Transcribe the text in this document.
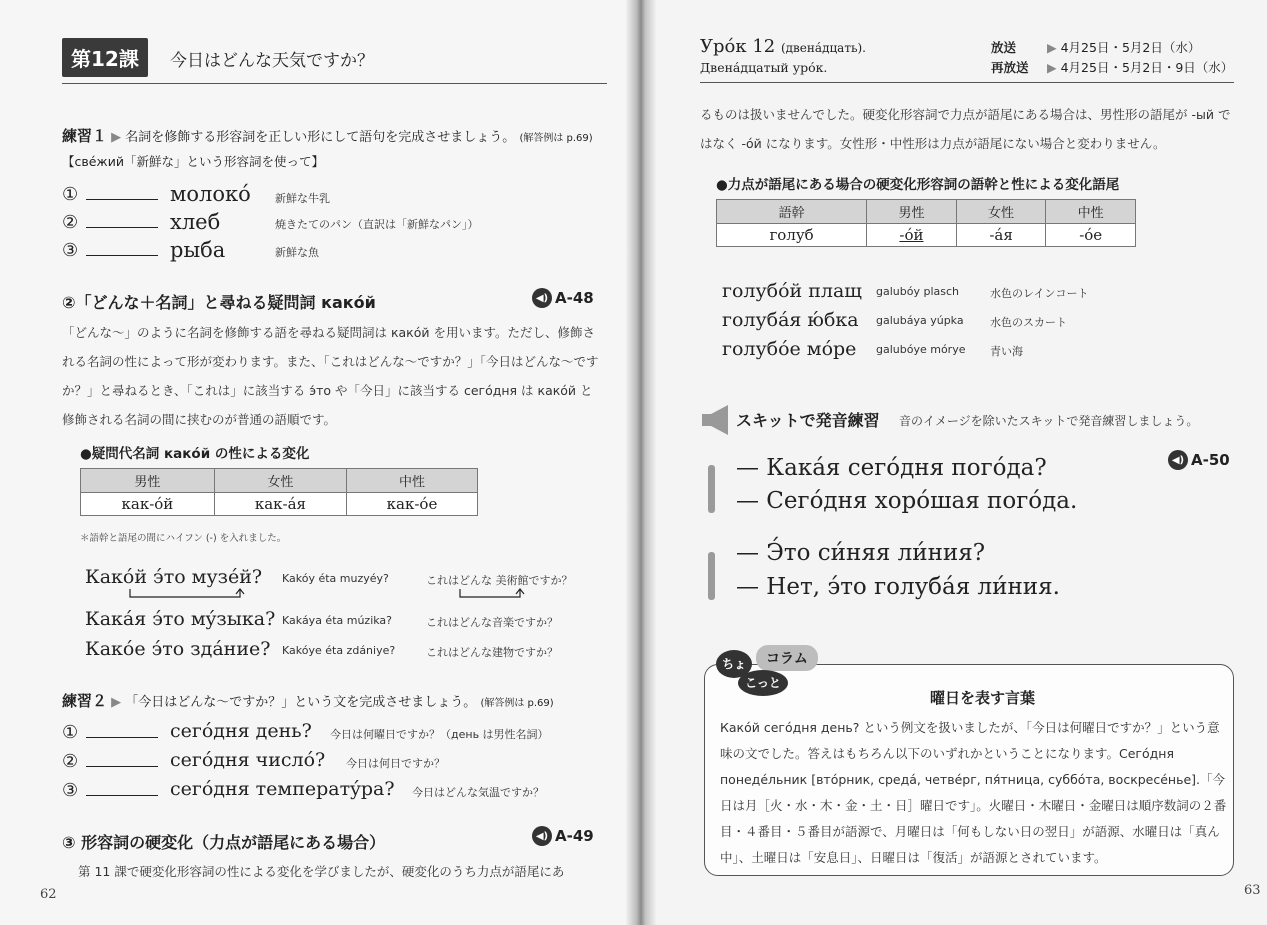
第12課	今日はどんな天気ですか？
練習１ ▶ 名詞を修飾する形容詞を正しい形にして語句を完成させましょう。 (解答例は p.69)
【свéжий「新鮮な」という形容詞を使って】
①	молокó 新鮮な牛乳
②	хлеб	焼きたてのパン（直訳は「新鮮なパン」）
③	рыба	新鮮な魚
②「どんな＋名詞」と尋ねる疑問詞 какóй	◀) A-48
「どんな～」のように名詞を修飾する語を尋ねる疑問詞は какóй を用います。ただし、修飾される名詞の性によって形が変わります。また、「これはどんな～ですか？」「今日はどんな～ですか？」と尋ねるとき、「これは」に該当する э́то や「今日」に該当する сегóдня は какóй と修飾される名詞の間に挟むのが普通の語順です。
●疑問代名詞 какóй の性による変化
男性	女性	中性
как-óй	как-áя	как-óе
＊語幹と語尾の間にハイフン (-) を入れました。
Какóй э́то музéй? Kakóy éta muzyéy?	これはどんな 美術館ですか？
Какáя э́то мýзыка? Kakáya éta múzika?	これはどんな音楽ですか？
Какóе э́то здáние? Kakóye éta zdániye?	これはどんな建物ですか？
練習２ ▶ 「今日はどんな～ですか？」という文を完成させましょう。 (解答例は p.69)
①	сегóдня день? 今日は何曜日ですか？（день は男性名詞）
②	сегóдня числó? 今日は何日ですか？
③	сегóдня температýра? 今日はどんな気温ですか？
③ 形容詞の硬変化（力点が語尾にある場合）	◀) A-49
第 11 課で硬変化形容詞の性による変化を学びましたが、硬変化のうち力点が語尾にあ
62
Урóк 12 (двенáдцать).
Двенáдцатый урóк.
放送 ▶ 4月25日・5月2日（水）
再放送 ▶ 4月25日・5月2日・9日（水）
るものは扱いませんでした。硬変化形容詞で力点が語尾にある場合は、男性形の語尾が -ый ではなく -óй になります。女性形・中性形は力点が語尾にない場合と変わりません。
●力点が語尾にある場合の硬変化形容詞の語幹と性による変化語尾
語幹	男性	女性	中性
голуб	-óй	-áя	-óе
голубóй плащ galubóy plasch	水色のレインコート
голубáя ю́бка galubáya yúpka 水色のスカート
голубóе мóре galubóye mórye 青い海
スキットで発音練習 音のイメージを除いたスキットで発音練習しましょう。
◀) A-50
— Какáя сегóдня погóда?
— Сегóдня хорóшая погóда.
— Э́то си́няя ли́ния?
— Нет, э́то голубáя ли́ния.
コラム
ちょ
こっと
曜日を表す言葉
Какóй сегóдня день? という例文を扱いましたが、「今日は何曜日ですか？」という意味の文でした。答えはもちろん以下のいずれかということになります。Сегóдня понедéльник [втóрник, средá, четвéрг, пя́тница, суббóта, воскресéнье].「今日は月［火・水・木・金・土・日］曜日です」。火曜日・木曜日・金曜日は順序数詞の２番目・４番目・５番目が語源で、月曜日は「何もしない日の翌日」が語源、水曜日は「真ん中」、土曜日は「安息日」、日曜日は「復活」が語源とされています。
63
